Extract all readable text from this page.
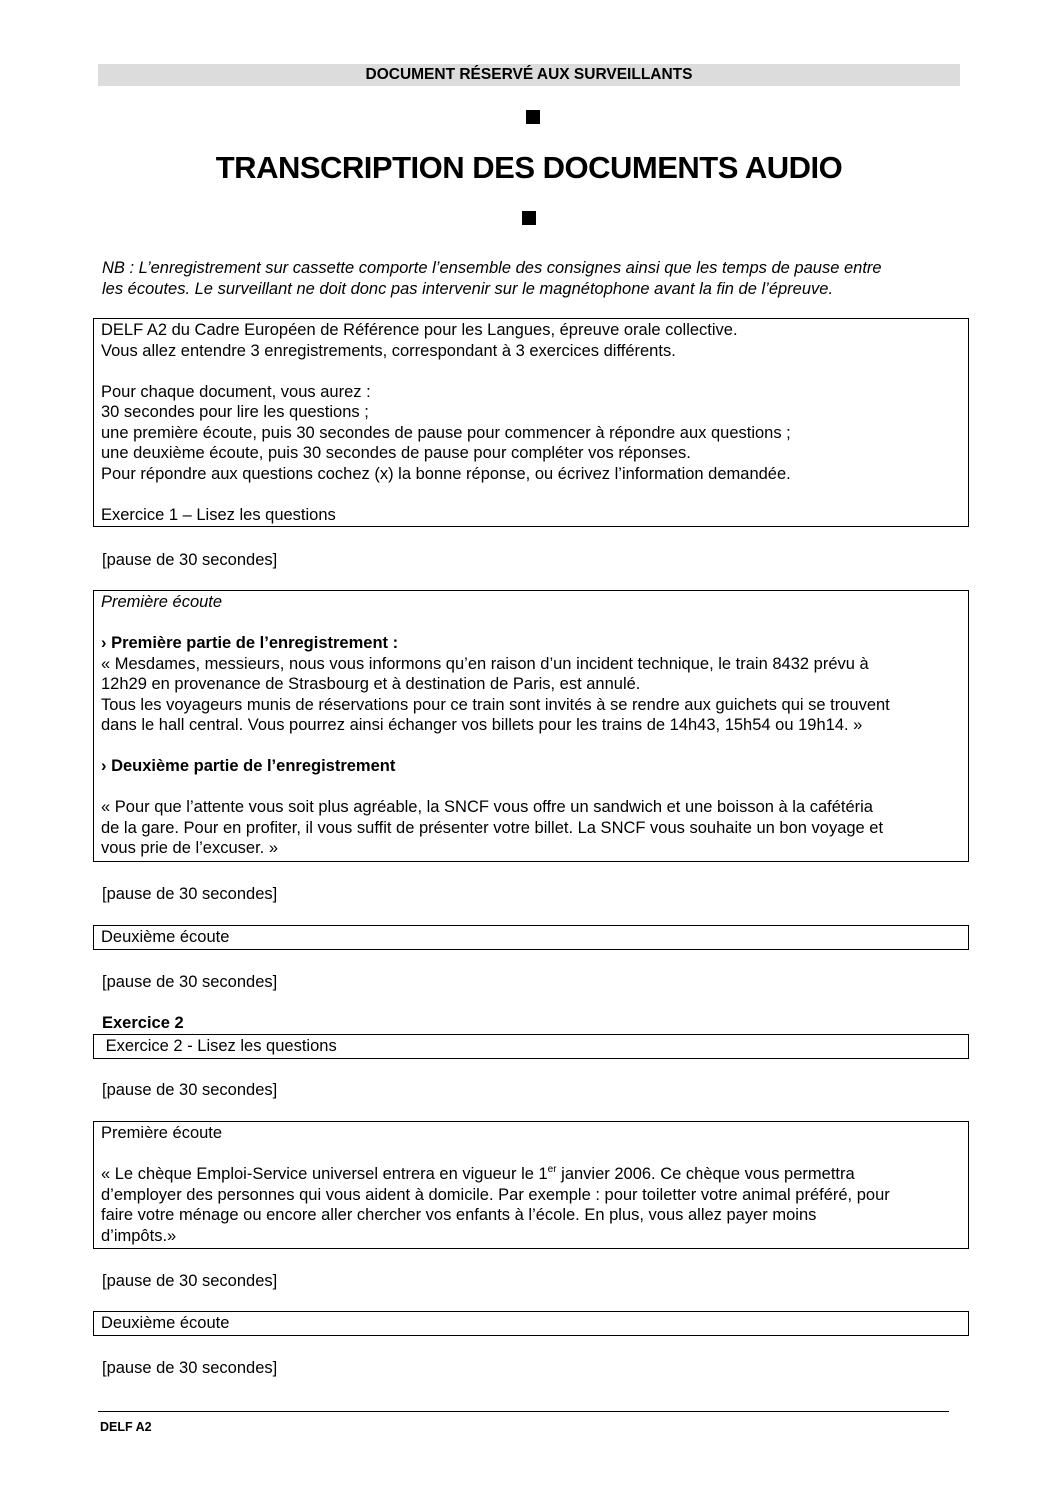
DOCUMENT RÉSERVÉ AUX SURVEILLANTS
TRANSCRIPTION DES DOCUMENTS AUDIO
NB : L’enregistrement sur cassette comporte l’ensemble des consignes ainsi que les temps de pause entre
les écoutes. Le surveillant ne doit donc pas intervenir sur le magnétophone avant la fin de l’épreuve.

DELF A2 du Cadre Européen de Référence pour les Langues, épreuve orale collective.

Vous allez entendre 3 enregistrements, correspondant à 3 exercices différents.

Pour chaque document, vous aurez :

30 secondes pour lire les questions ;

une première écoute, puis 30 secondes de pause pour commencer à répondre aux questions ;

une deuxième écoute, puis 30 secondes de pause pour compléter vos réponses.

Pour répondre aux questions cochez (x) la bonne réponse, ou écrivez l’information demandée.

Exercice 1 – Lisez les questions

[pause de 30 secondes]

Première écoute

› Première partie de l’enregistrement :

« Mesdames, messieurs, nous vous informons qu’en raison d’un incident technique, le train 8432 prévu à

12h29 en provenance de Strasbourg et à destination de Paris, est annulé.

Tous les voyageurs munis de réservations pour ce train sont invités à se rendre aux guichets qui se trouvent

dans le hall central. Vous pourrez ainsi échanger vos billets pour les trains de 14h43, 15h54 ou 19h14. »

› Deuxième partie de l’enregistrement

« Pour que l’attente vous soit plus agréable, la SNCF vous offre un sandwich et une boisson à la cafétéria

de la gare. Pour en profiter, il vous suffit de présenter votre billet. La SNCF vous souhaite un bon voyage et

vous prie de l’excuser. »

[pause de 30 secondes]

Deuxième écoute

[pause de 30 secondes]
Exercice 2

Exercice 2 - Lisez les questions

[pause de 30 secondes]

Première écoute

« Le chèque Emploi-Service universel entrera en vigueur le 1er janvier 2006. Ce chèque vous permettra

d’employer des personnes qui vous aident à domicile. Par exemple : pour toiletter votre animal préféré, pour

faire votre ménage ou encore aller chercher vos enfants à l’école. En plus, vous allez payer moins

d’impôts.»

[pause de 30 secondes]

Deuxième écoute

[pause de 30 secondes]
DELF A2
